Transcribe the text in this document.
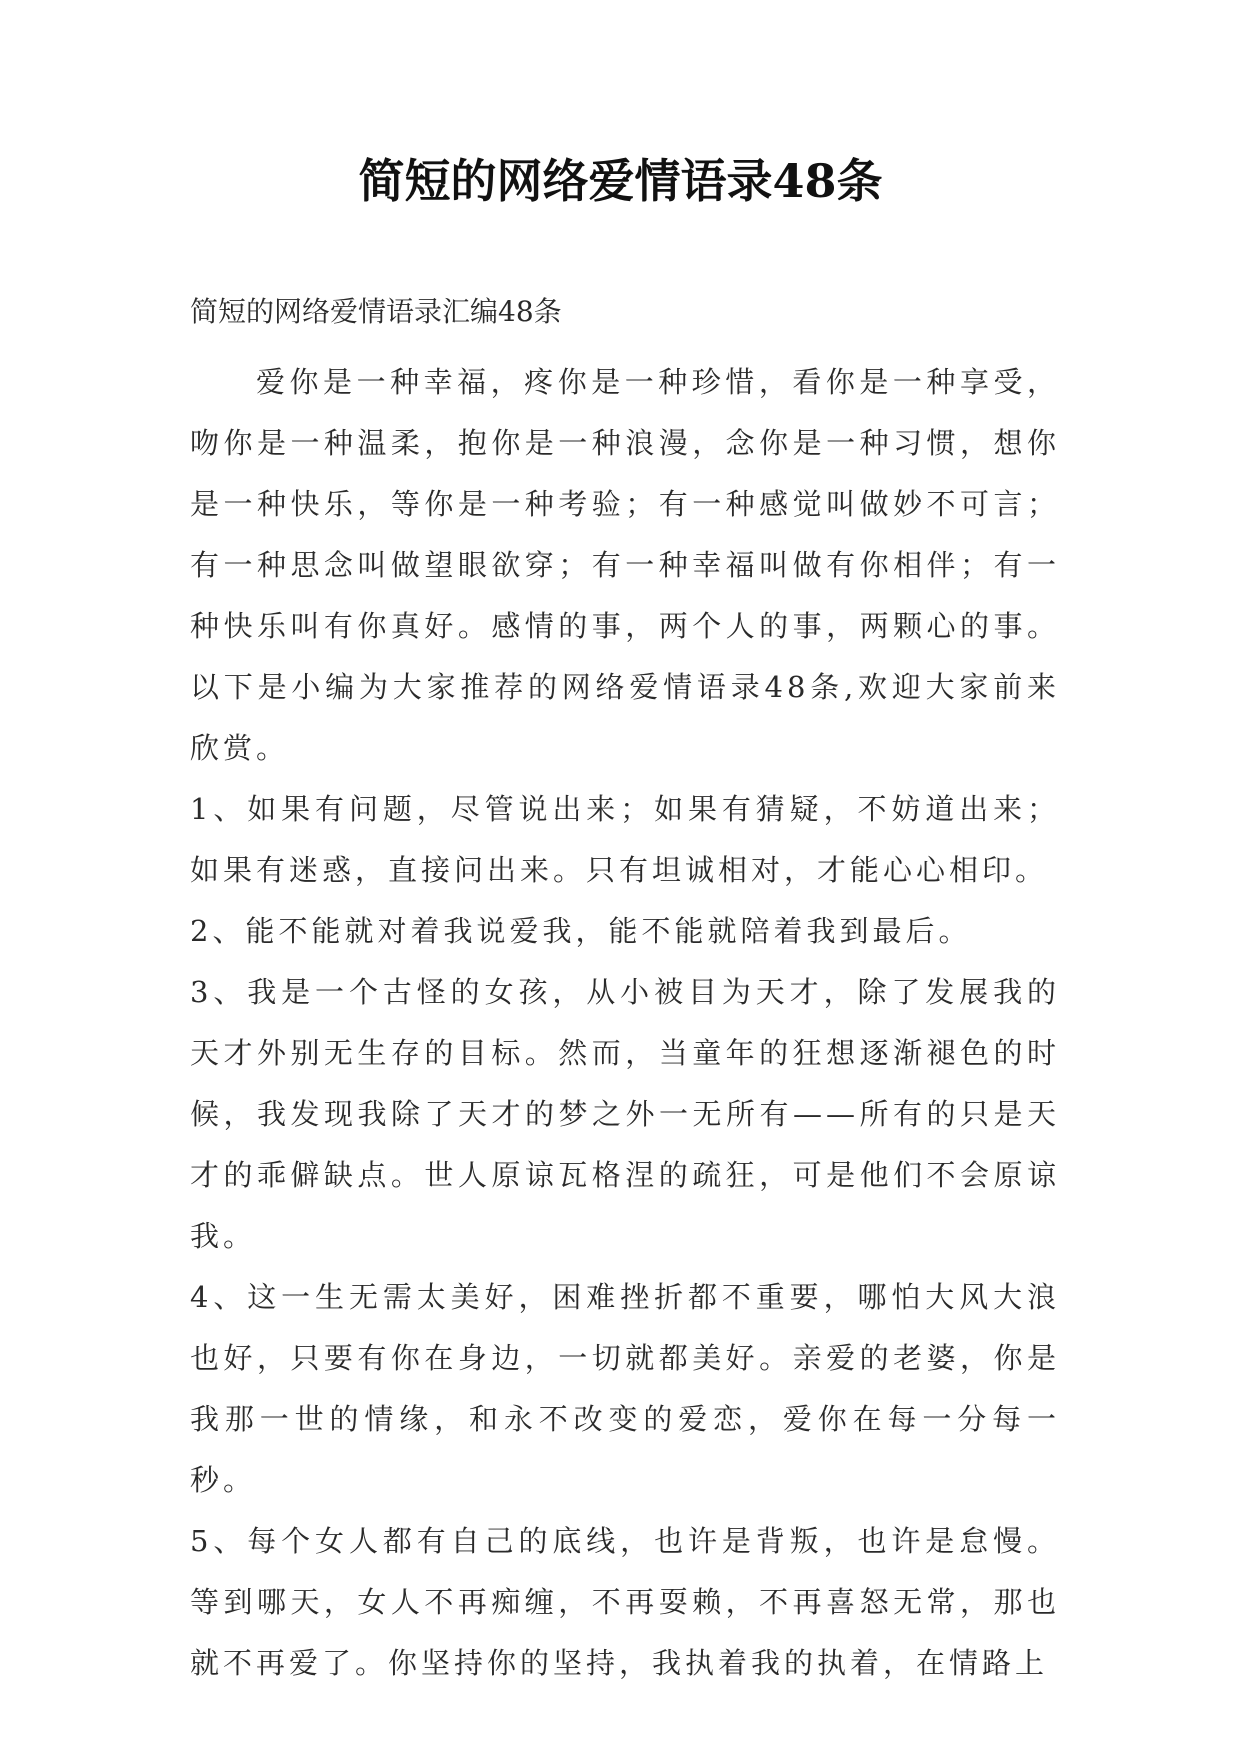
简短的网络爱情语录48条

简短的网络爱情语录汇编48条

爱你是一种幸福，疼你是一种珍惜，看你是一种享受，吻你是一种温柔，抱你是一种浪漫，念你是一种习惯，想你是一种快乐，等你是一种考验；有一种感觉叫做妙不可言；有一种思念叫做望眼欲穿；有一种幸福叫做有你相伴；有一种快乐叫有你真好。感情的事，两个人的事，两颗心的事。以下是小编为大家推荐的网络爱情语录48条,欢迎大家前来欣赏。

1、如果有问题，尽管说出来；如果有猜疑，不妨道出来；如果有迷惑，直接问出来。只有坦诚相对，才能心心相印。

2、能不能就对着我说爱我，能不能就陪着我到最后。

3、我是一个古怪的女孩，从小被目为天才，除了发展我的天才外别无生存的目标。然而，当童年的狂想逐渐褪色的时候，我发现我除了天才的梦之外一无所有——所有的只是天才的乖僻缺点。世人原谅瓦格涅的疏狂，可是他们不会原谅我。

4、这一生无需太美好，困难挫折都不重要，哪怕大风大浪也好，只要有你在身边，一切就都美好。亲爱的老婆，你是我那一世的情缘，和永不改变的爱恋，爱你在每一分每一秒。

5、每个女人都有自己的底线，也许是背叛，也许是怠慢。等到哪天，女人不再痴缠，不再耍赖，不再喜怒无常，那也就不再爱了。你坚持你的坚持，我执着我的执着，在情路上
